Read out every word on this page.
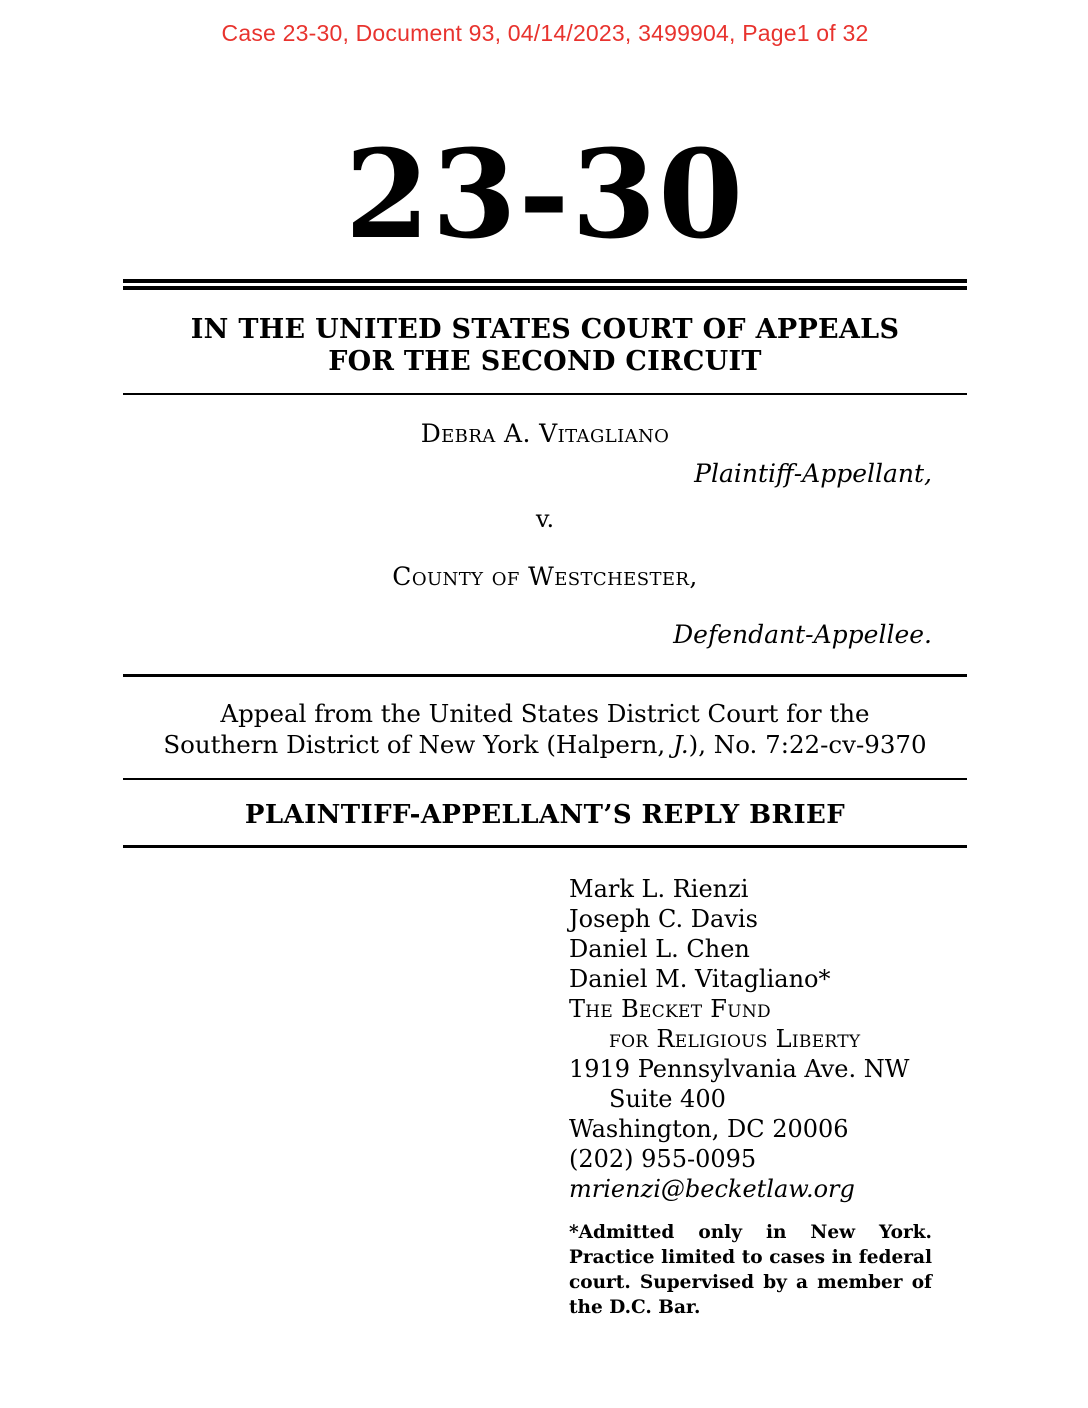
Case 23-30, Document 93, 04/14/2023, 3499904, Page1 of 32
23-30
IN THE UNITED STATES COURT OF APPEALS
FOR THE SECOND CIRCUIT
Debra A. Vitagliano
Plaintiff-Appellant,
v.
County of Westchester,
Defendant-Appellee.
Appeal from the United States District Court for the
Southern District of New York (Halpern, J.), No. 7:22-cv-9370
PLAINTIFF-APPELLANT’S REPLY BRIEF
Mark L. Rienzi
Joseph C. Davis
Daniel L. Chen
Daniel M. Vitagliano*
The Becket Fund
for Religious Liberty
1919 Pennsylvania Ave. NW
Suite 400
Washington, DC 20006
(202) 955-0095
mrienzi@becketlaw.org
*Admitted only in New York. Practice limited to cases in federal court. Supervised by a member of the D.C. Bar.
